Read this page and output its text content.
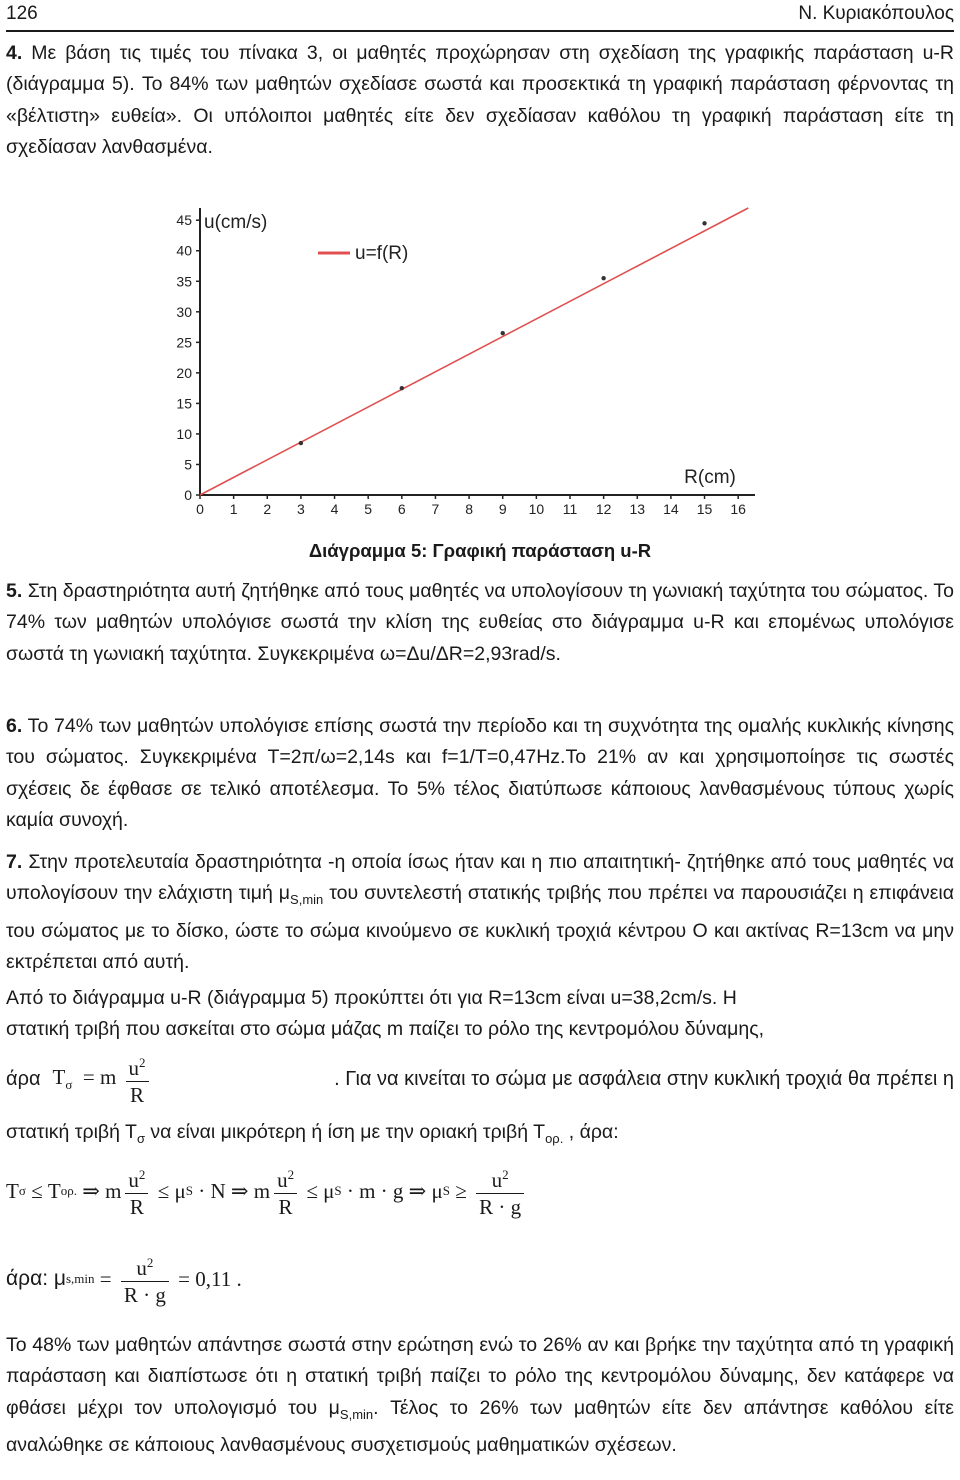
126	Ν. Κυριακόπουλος
4. Με βάση τις τιμές του πίνακα 3, οι μαθητές προχώρησαν στη σχεδίαση της γραφικής παράσταση u-R (διάγραμμα 5). Το 84% των μαθητών σχεδίασε σωστά και προσεκτικά τη γραφική παράσταση φέρνοντας τη «βέλτιστη» ευθεία». Οι υπόλοιποι μαθητές είτε δεν σχεδίασαν καθόλου τη γραφική παράσταση είτε τη σχεδίασαν λανθασμένα.
0
5
10
15
20
25
30
35
40
45
0 1 2 3 4 5 6 7 8 9 10 11 12 13 14 15 16
u(cm/s)
u=f(R)
R(cm)
Διάγραμμα 5: Γραφική παράσταση u-R
5. Στη δραστηριότητα αυτή ζητήθηκε από τους μαθητές να υπολογίσουν τη γωνιακή ταχύτητα του σώματος. Το 74% των μαθητών υπολόγισε σωστά την κλίση της ευθείας στο διάγραμμα u-R και επομένως υπολόγισε σωστά τη γωνιακή ταχύτητα. Συγκεκριμένα ω=Δu/ΔR=2,93rad/s.
6. Το 74% των μαθητών υπολόγισε επίσης σωστά την περίοδο και τη συχνότητα της ομαλής κυκλικής κίνησης του σώματος. Συγκεκριμένα Τ=2π/ω=2,14s και f=1/T=0,47Hz.Το 21% αν και χρησιμοποίησε τις σωστές σχέσεις δε έφθασε σε τελικό αποτέλεσμα. Το 5% τέλος διατύπωσε κάποιους λανθασμένους τύπους χωρίς καμία συνοχή.
7. Στην προτελευταία δραστηριότητα -η οποία ίσως ήταν και η πιο απαιτητική- ζητήθηκε από τους μαθητές να υπολογίσουν την ελάχιστη τιμή $\mu_{S,min}$ του συντελεστή στατικής τριβής που πρέπει να παρουσιάζει η επιφάνεια του σώματος με το δίσκο, ώστε το σώμα κινούμενο σε κυκλική τροχιά κέντρου Ο και ακτίνας R=13cm να μην εκτρέπεται από αυτή.
Από το διάγραμμα u-R (διάγραμμα 5) προκύπτει ότι για R=13cm είναι u=38,2cm/s. Η
στατική τριβή που ασκείται στο σώμα μάζας m παίζει το ρόλο της κεντρομόλου δύναμης,
άρα $T_\sigma = m \frac{u^2}{R}$	. Για να κινείται το σώμα με ασφάλεια στην κυκλική τροχιά θα πρέπει η
στατική τριβή $T_\sigma$ να είναι μικρότερη ή ίση με την οριακή τριβή $T_{o\rho.}$ , άρα:
T σ ≤ T ορ. ⇒ m $\frac{u^2}{R} \le \mu$ S · N ⇒ m $\frac{u^2}{R} \le \mu$ S · m · g ⇒ μ $S \ge \frac{u^2}{R \cdot g}$
άρα: μ $s,\min = \frac{u^2}{R \cdot g}$
= 0,11 .
Το 48% των μαθητών απάντησε σωστά στην ερώτηση ενώ το 26% αν και βρήκε την ταχύτητα από τη γραφική παράσταση και διαπίστωσε ότι η στατική τριβή παίζει το ρόλο της κεντρομόλου δύναμης, δεν κατάφερε να φθάσει μέχρι τον υπολογισμό του $\mu_{S,min}$. Τέλος το 26% των μαθητών είτε δεν απάντησε καθόλου είτε αναλώθηκε σε κάποιους λανθασμένους συσχετισμούς μαθηματικών σχέσεων.
